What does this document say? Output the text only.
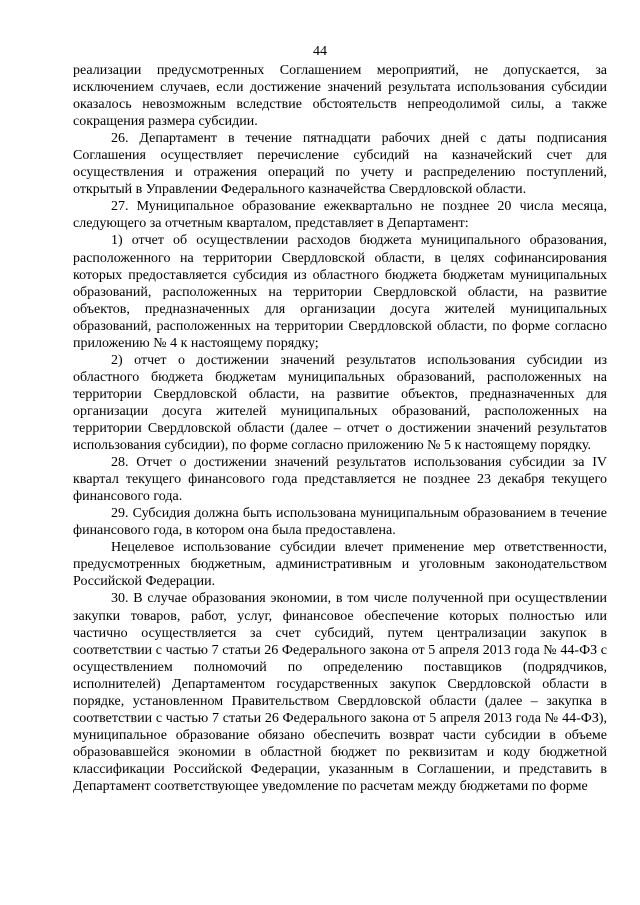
44

реализации предусмотренных Соглашением мероприятий, не допускается, за исключением случаев, если достижение значений результата использования субсидии оказалось невозможным вследствие обстоятельств непреодолимой силы, а также сокращения размера субсидии.

26. Департамент в течение пятнадцати рабочих дней с даты подписания Соглашения осуществляет перечисление субсидий на казначейский счет для осуществления и отражения операций по учету и распределению поступлений, открытый в Управлении Федерального казначейства Свердловской области.

27. Муниципальное образование ежеквартально не позднее 20 числа месяца, следующего за отчетным кварталом, представляет в Департамент:

1) отчет об осуществлении расходов бюджета муниципального образования, расположенного на территории Свердловской области, в целях софинансирования которых предоставляется субсидия из областного бюджета бюджетам муниципальных образований, расположенных на территории Свердловской области, на развитие объектов, предназначенных для организации досуга жителей муниципальных образований, расположенных на территории Свердловской области, по форме согласно приложению № 4 к настоящему порядку;

2) отчет о достижении значений результатов использования субсидии из областного бюджета бюджетам муниципальных образований, расположенных на территории Свердловской области, на развитие объектов, предназначенных для организации досуга жителей муниципальных образований, расположенных на территории Свердловской области (далее – отчет о достижении значений результатов использования субсидии), по форме согласно приложению № 5 к настоящему порядку.

28. Отчет о достижении значений результатов использования субсидии за IV квартал текущего финансового года представляется не позднее 23 декабря текущего финансового года.

29. Субсидия должна быть использована муниципальным образованием в течение финансового года, в котором она была предоставлена.

Нецелевое использование субсидии влечет применение мер ответственности, предусмотренных бюджетным, административным и уголовным законодательством Российской Федерации.

30. В случае образования экономии, в том числе полученной при осуществлении закупки товаров, работ, услуг, финансовое обеспечение которых полностью или частично осуществляется за счет субсидий, путем централизации закупок в соответствии с частью 7 статьи 26 Федерального закона от 5 апреля 2013 года № 44-ФЗ с осуществлением полномочий по определению поставщиков (подрядчиков, исполнителей) Департаментом государственных закупок Свердловской области в порядке, установленном Правительством Свердловской области (далее – закупка в соответствии с частью 7 статьи 26 Федерального закона от 5 апреля 2013 года № 44-ФЗ), муниципальное образование обязано обеспечить возврат части субсидии в объеме образовавшейся экономии в областной бюджет по реквизитам и коду бюджетной классификации Российской Федерации, указанным в Соглашении, и представить в Департамент соответствующее уведомление по расчетам между бюджетами по форме
